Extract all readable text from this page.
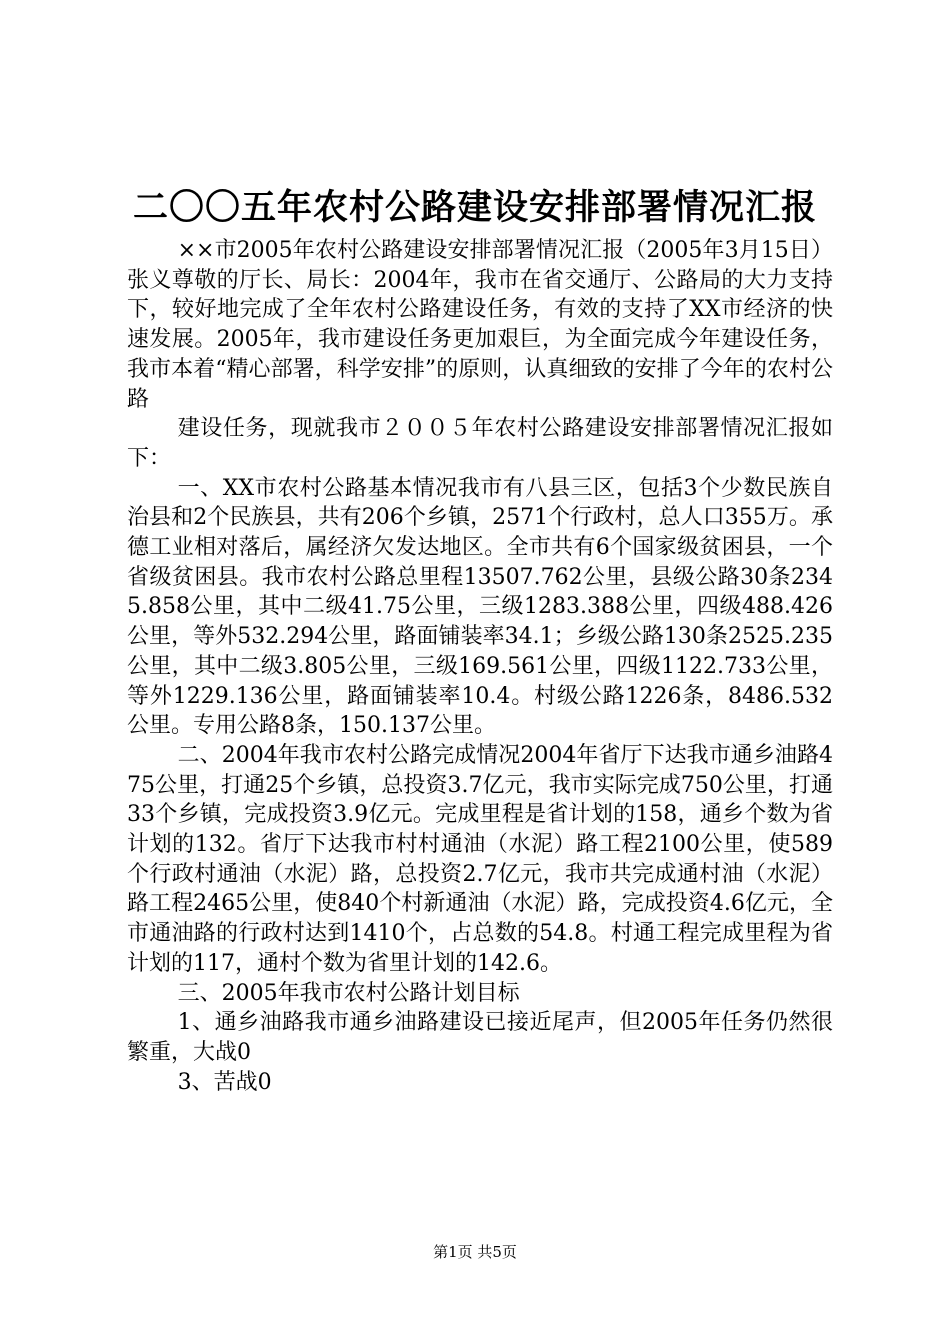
二〇〇五年农村公路建设安排部署情况汇报

××市2005年农村公路建设安排部署情况汇报（2005年3月15日）张义尊敬的厅长、局长：2004年，我市在省交通厅、公路局的大力支持下，较好地完成了全年农村公路建设任务，有效的支持了XX市经济的快速发展。2005年，我市建设任务更加艰巨，为全面完成今年建设任务，我市本着“精心部署，科学安排”的原则，认真细致的安排了今年的农村公路

建设任务，现就我市２００５年农村公路建设安排部署情况汇报如下：

一、XX市农村公路基本情况我市有八县三区，包括3个少数民族自治县和2个民族县，共有206个乡镇，2571个行政村，总人口355万。承德工业相对落后，属经济欠发达地区。全市共有6个国家级贫困县，一个省级贫困县。我市农村公路总里程13507.762公里，县级公路30条2345.858公里，其中二级41.75公里，三级1283.388公里，四级488.426公里，等外532.294公里，路面铺装率34.1；乡级公路130条2525.235公里，其中二级3.805公里，三级169.561公里，四级1122.733公里，等外1229.136公里，路面铺装率10.4。村级公路1226条，8486.532公里。专用公路8条，150.137公里。

二、2004年我市农村公路完成情况2004年省厅下达我市通乡油路475公里，打通25个乡镇，总投资3.7亿元，我市实际完成750公里，打通33个乡镇，完成投资3.9亿元。完成里程是省计划的158，通乡个数为省计划的132。省厅下达我市村村通油（水泥）路工程2100公里，使589个行政村通油（水泥）路，总投资2.7亿元，我市共完成通村油（水泥）路工程2465公里，使840个村新通油（水泥）路，完成投资4.6亿元，全市通油路的行政村达到1410个，占总数的54.8。村通工程完成里程为省计划的117，通村个数为省里计划的142.6。

三、2005年我市农村公路计划目标

1、通乡油路我市通乡油路建设已接近尾声，但2005年任务仍然很繁重，大战0

3、苦战0

第1页 共5页
